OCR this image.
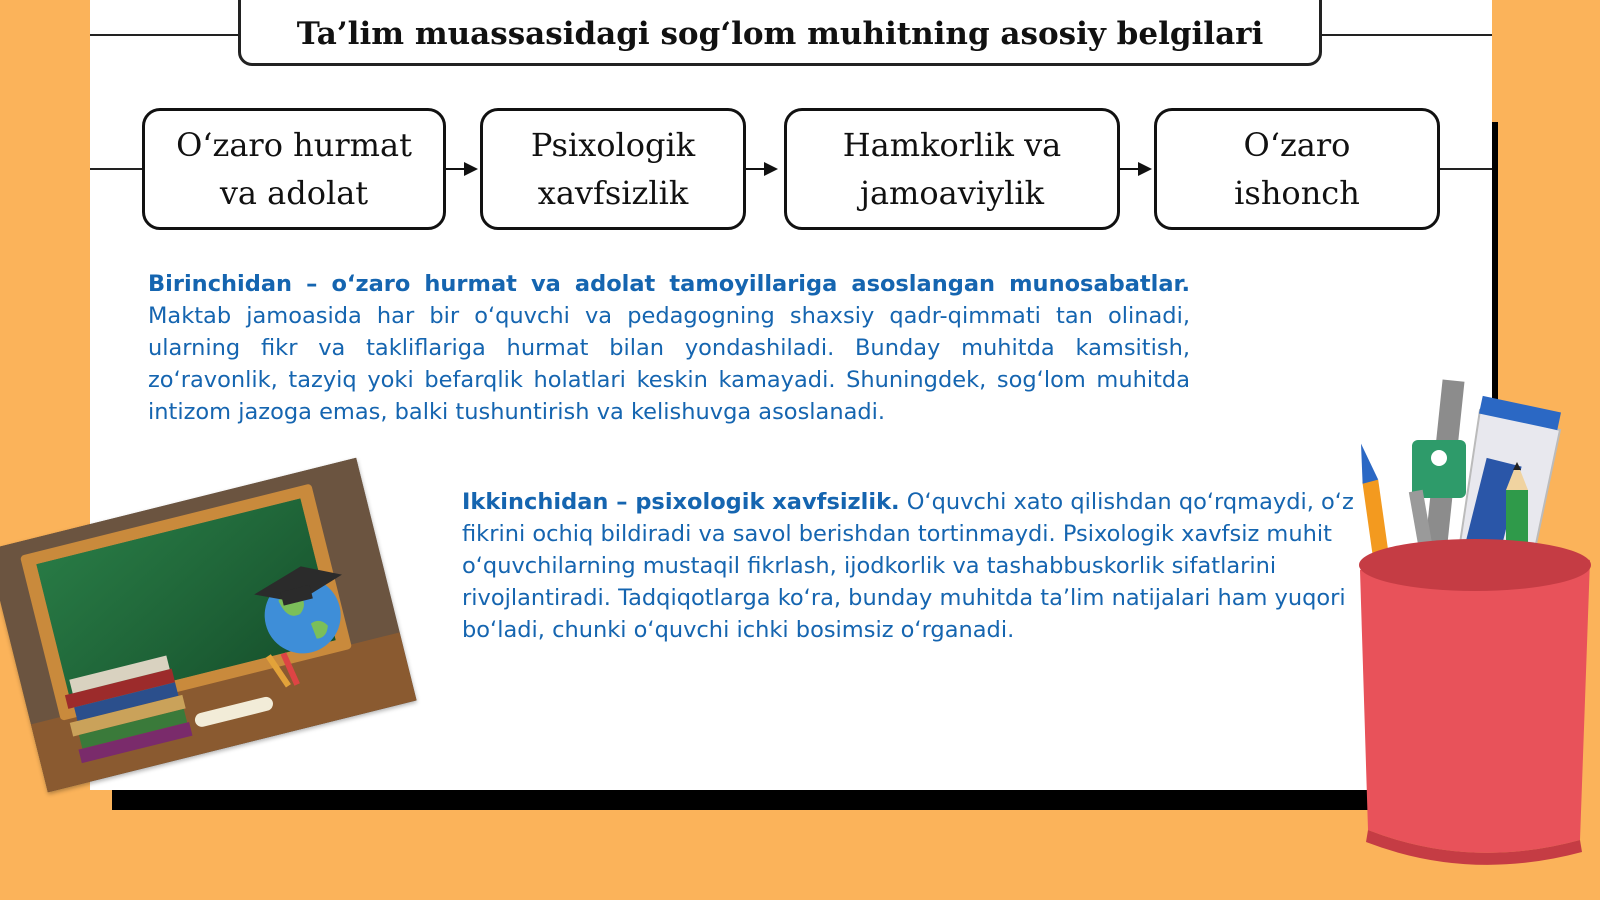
Ta’lim muassasidagi sog‘lom muhitning asosiy belgilari
O‘zaro hurmat
va adolat
Psixologik
xavfsizlik
Hamkorlik va
jamoaviylik
O‘zaro
ishonch
Birinchidan – o‘zaro hurmat va adolat tamoyillariga asoslangan munosabatlar. Maktab jamoasida har bir o‘quvchi va pedagogning shaxsiy qadr-qimmati tan olinadi, ularning fikr va takliflariga hurmat bilan yondashiladi. Bunday muhitda kamsitish, zo‘ravonlik, tazyiq yoki befarqlik holatlari keskin kamayadi. Shuningdek, sog‘lom muhitda intizom jazoga emas, balki tushuntirish va kelishuvga asoslanadi.
Ikkinchidan – psixologik xavfsizlik. O‘quvchi xato qilishdan qo‘rqmaydi, o‘z fikrini ochiq bildiradi va savol berishdan tortinmaydi. Psixologik xavfsiz muhit o‘quvchilarning mustaqil fikrlash, ijodkorlik va tashabbuskorlik sifatlarini rivojlantiradi. Tadqiqotlarga ko‘ra, bunday muhitda ta’lim natijalari ham yuqori bo‘ladi, chunki o‘quvchi ichki bosimsiz o‘rganadi.
